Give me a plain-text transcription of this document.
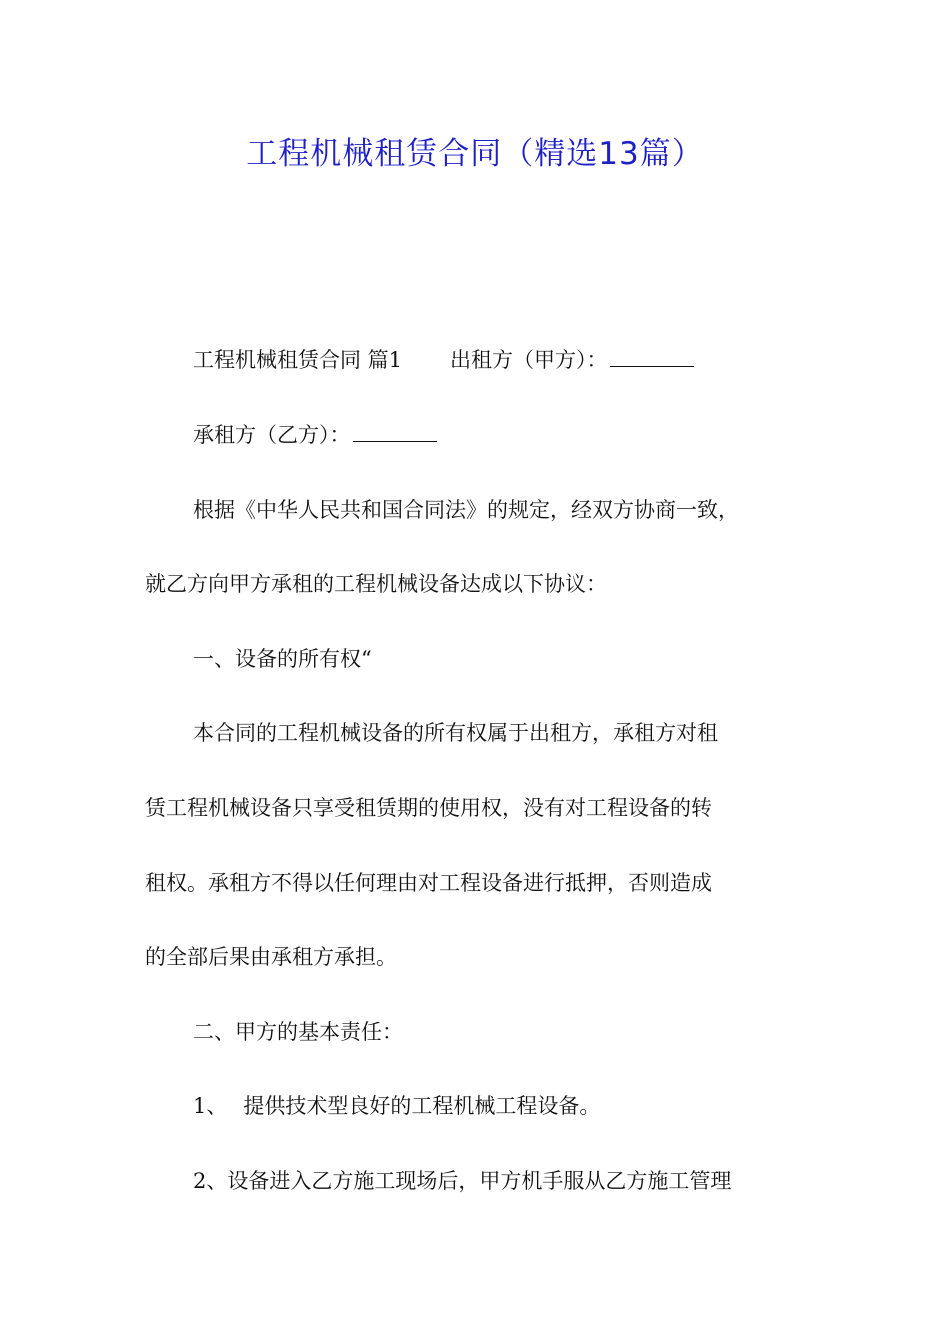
工程机械租赁合同（精选13篇）

工程机械租赁合同 篇1 出租方（甲方）：

承租方（乙方）：

根据《中华人民共和国合同法》的规定，经双方协商一致，

就乙方向甲方承租的工程机械设备达成以下协议：

一、设备的所有权“

本合同的工程机械设备的所有权属于出租方，承租方对租

赁工程机械设备只享受租赁期的使用权，没有对工程设备的转

租权。承租方不得以任何理由对工程设备进行抵押，否则造成

的全部后果由承租方承担。

二、甲方的基本责任：

1、 提供技术型良好的工程机械工程设备。

2、设备进入乙方施工现场后，甲方机手服从乙方施工管理
